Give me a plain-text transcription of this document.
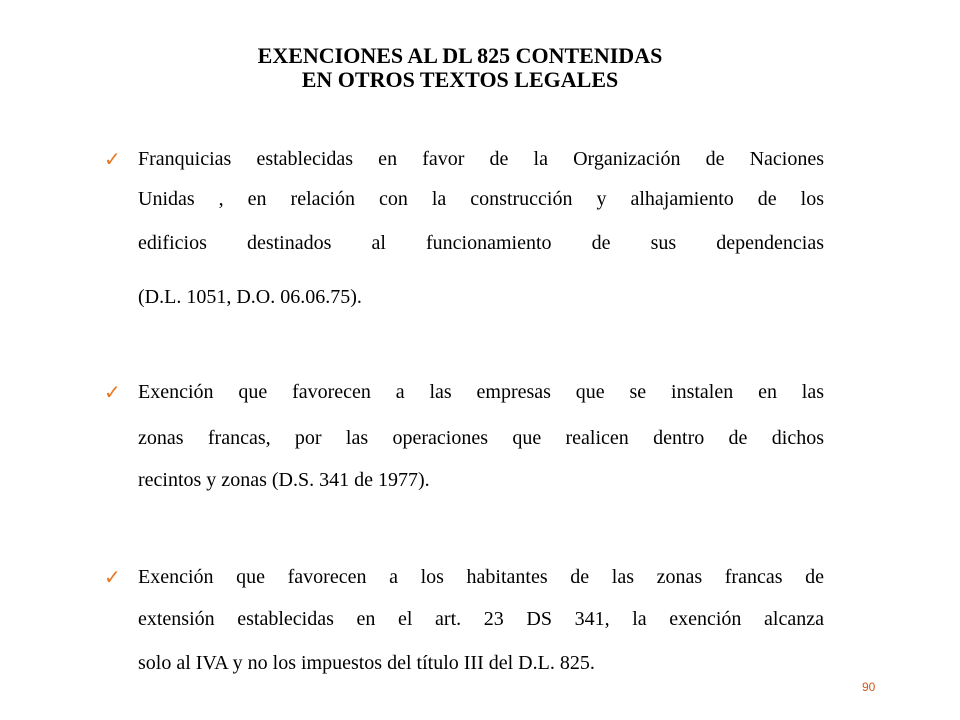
EXENCIONES AL DL 825 CONTENIDAS
EN OTROS TEXTOS LEGALES
✓ Franquicias establecidas en favor de la Organización de Naciones
Unidas , en relación con la construcción y alhajamiento de los
edificios destinados al funcionamiento de sus dependencias
(D.L. 1051, D.O. 06.06.75).
✓ Exención que favorecen a las empresas que se instalen en las
zonas francas, por las operaciones que realicen dentro de dichos
recintos y zonas (D.S. 341 de 1977).
✓ Exención que favorecen a los habitantes de las zonas francas de
extensión establecidas en el art. 23 DS 341, la exención alcanza
solo al IVA y no los impuestos del título III del D.L. 825.
90
